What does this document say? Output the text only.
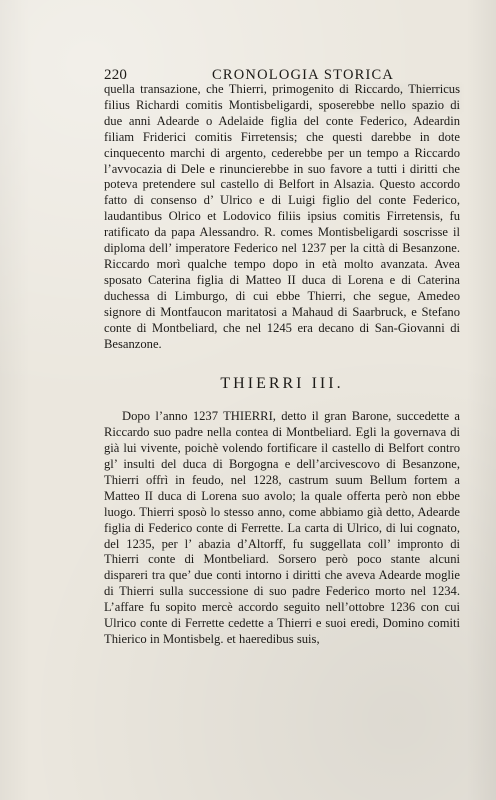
220	CRONOLOGIA STORICA

quella transazione, che Thierri, primogenito di Riccardo, Thierricus filius Richardi comitis Montisbeligardi, sposerebbe nello spazio di due anni Adearde o Adelaide figlia del conte Federico, Adeardin filiam Friderici comitis Firretensis; che questi darebbe in dote cinquecento marchi di argento, cederebbe per un tempo a Riccardo l’avvocazia di Dele e rinuncierebbe in suo favore a tutti i diritti che poteva pretendere sul castello di Belfort in Alsazia. Questo accordo fatto di consenso d’ Ulrico e di Luigi figlio del conte Federico, laudantibus Olrico et Lodovico filiis ipsius comitis Firretensis, fu ratificato da papa Alessandro. R. comes Montisbeligardi soscrisse il diploma dell’ imperatore Federico nel 1237 per la città di Besanzone. Riccardo morì qualche tempo dopo in età molto avanzata. Avea sposato Caterina figlia di Matteo II duca di Lorena e di Caterina duchessa di Limburgo, di cui ebbe Thierri, che segue, Amedeo signore di Montfaucon maritatosi a Mahaud di Saarbruck, e Stefano conte di Montbeliard, che nel 1245 era decano di San-Giovanni di Besanzone.

THIERRI III.

Dopo l’anno 1237 THIERRI, detto il gran Barone, succedette a Riccardo suo padre nella contea di Montbeliard. Egli la governava di già lui vivente, poichè volendo fortificare il castello di Belfort contro gl’ insulti del duca di Borgogna e dell’arcivescovo di Besanzone, Thierri offrì in feudo, nel 1228, castrum suum Bellum fortem a Matteo II duca di Lorena suo avolo; la quale offerta però non ebbe luogo. Thierri sposò lo stesso anno, come abbiamo già detto, Adearde figlia di Federico conte di Ferrette. La carta di Ulrico, di lui cognato, del 1235, per l’ abazia d’Altorff, fu suggellata coll’ impronto di Thierri conte di Montbeliard. Sorsero però poco stante alcuni dispareri tra que’ due conti intorno i diritti che aveva Adearde moglie di Thierri sulla successione di suo padre Federico morto nel 1234. L’affare fu sopito mercè accordo seguito nell’ottobre 1236 con cui Ulrico conte di Ferrette cedette a Thierri e suoi eredi, Domino comiti Thierico in Montisbelg. et haeredibus suis,
